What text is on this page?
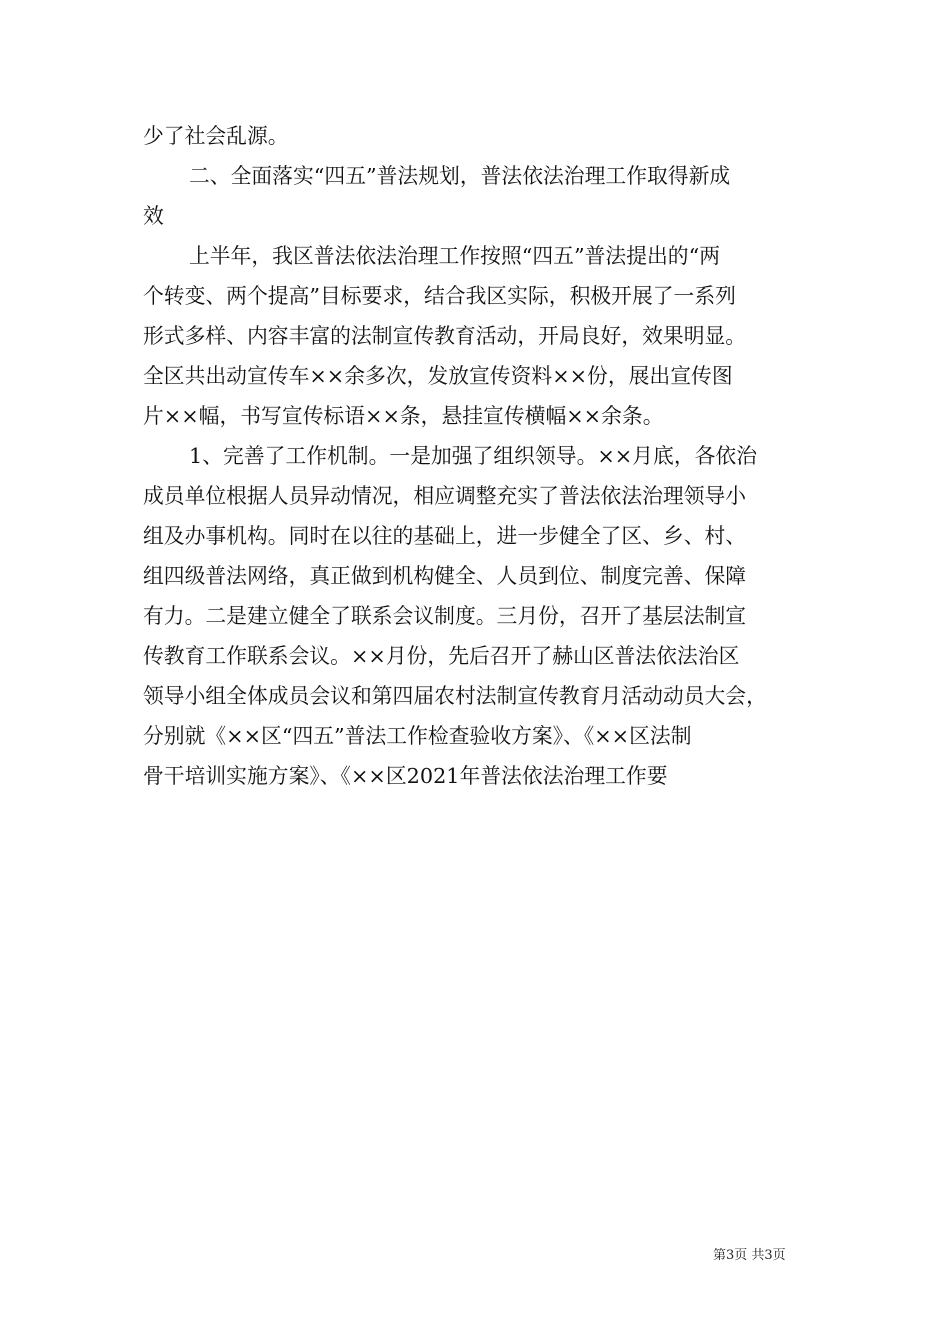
少了社会乱源。
二、全面落实“四五”普法规划，普法依法治理工作取得新成
效
上半年，我区普法依法治理工作按照“四五”普法提出的“两
个转变、两个提高”目标要求，结合我区实际，积极开展了一系列
形式多样、内容丰富的法制宣传教育活动，开局良好，效果明显。
全区共出动宣传车××余多次，发放宣传资料××份，展出宣传图
片××幅，书写宣传标语××条，悬挂宣传横幅××余条。
1、完善了工作机制。一是加强了组织领导。××月底，各依治
成员单位根据人员异动情况，相应调整充实了普法依法治理领导小
组及办事机构。同时在以往的基础上，进一步健全了区、乡、村、
组四级普法网络，真正做到机构健全、人员到位、制度完善、保障
有力。二是建立健全了联系会议制度。三月份，召开了基层法制宣
传教育工作联系会议。××月份，先后召开了赫山区普法依法治区
领导小组全体成员会议和第四届农村法制宣传教育月活动动员大会，
分别就《××区“四五”普法工作检查验收方案》、《××区法制
骨干培训实施方案》、《××区2021年普法依法治理工作要
第3页 共3页
